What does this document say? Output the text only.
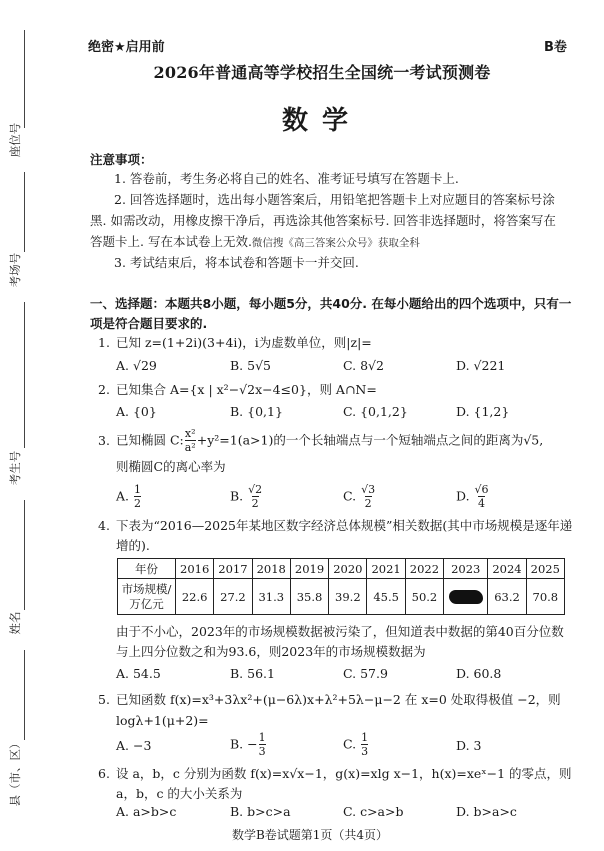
座位号
考场号
考生号
姓名
县（市、区）
绝密★启用前	B卷
2026年普通高等学校招生全国统一考试预测卷
数学
注意事项：
1. 答卷前，考生务必将自己的姓名、准考证号填写在答题卡上.
2. 回答选择题时，选出每小题答案后，用铅笔把答题卡上对应题目的答案标号涂黑. 如需改动，用橡皮擦干净后，再选涂其他答案标号. 回答非选择题时，将答案写在答题卡上. 写在本试卷上无效.微信搜《高三答案公众号》获取全科
3. 考试结束后，将本试卷和答题卡一并交回.
一、选择题：本题共8小题，每小题5分，共40分. 在每小题给出的四个选项中，只有一项是符合题目要求的.
1. 已知 z=(1+2i)(3+4i)，i为虚数单位，则|z|=
A. √29	B. 5√5	C. 8√2	D. √221
2. 已知集合 A={x | x²−√2x−4≤0}，则 A∩N=
A. {0}	B. {0,1}	C. {0,1,2}	D. {1,2}
3. 已知椭圆 C: $\frac{\text{x²}}{\text{a²}} +y^2=1(a>1)$的一个长轴端点与一个短轴端点之间的距离为√5,
则椭圆C的离心率为
A. $\frac{1}{2}$	B. $\frac{√2}{2}$	C. $\frac{√3}{2}$	D. $\frac{√6}{4}$
4. 下表为“2016—2025年某地区数字经济总体规模”相关数据(其中市场规模是逐年递
增的).
年份	2016	2017	2018	2019	2020	2021	2022	2023	2024	2025
市场规模/
万亿元	22.6	27.2	31.3	35.8	39.2	45.5	50.2		63.2	70.8
由于不小心，2023年的市场规模数据被污染了，但知道表中数据的第40百分位数
与上四分位数之和为93.6，则2023年的市场规模数据为
A. 54.5	B. 56.1	C. 57.9	D. 60.8
5. 已知函数 f(x)=x³+3λx²+(μ−6λ)x+λ²+5λ−μ−2 在 x=0 处取得极值 −2，则
logλ+1(μ+2)=
A. −3	B. − $\frac{1}{3}$	C. $\frac{1}{3}$	D. 3
6. 设 a，b，c 分别为函数 f(x)=x√x−1，g(x)=xlg x−1，h(x)=xeˣ−1 的零点，则
a，b，c 的大小关系为
A. a>b>c	B. b>c>a	C. c>a>b	D. b>a>c
数学B卷试题第1页（共4页）
